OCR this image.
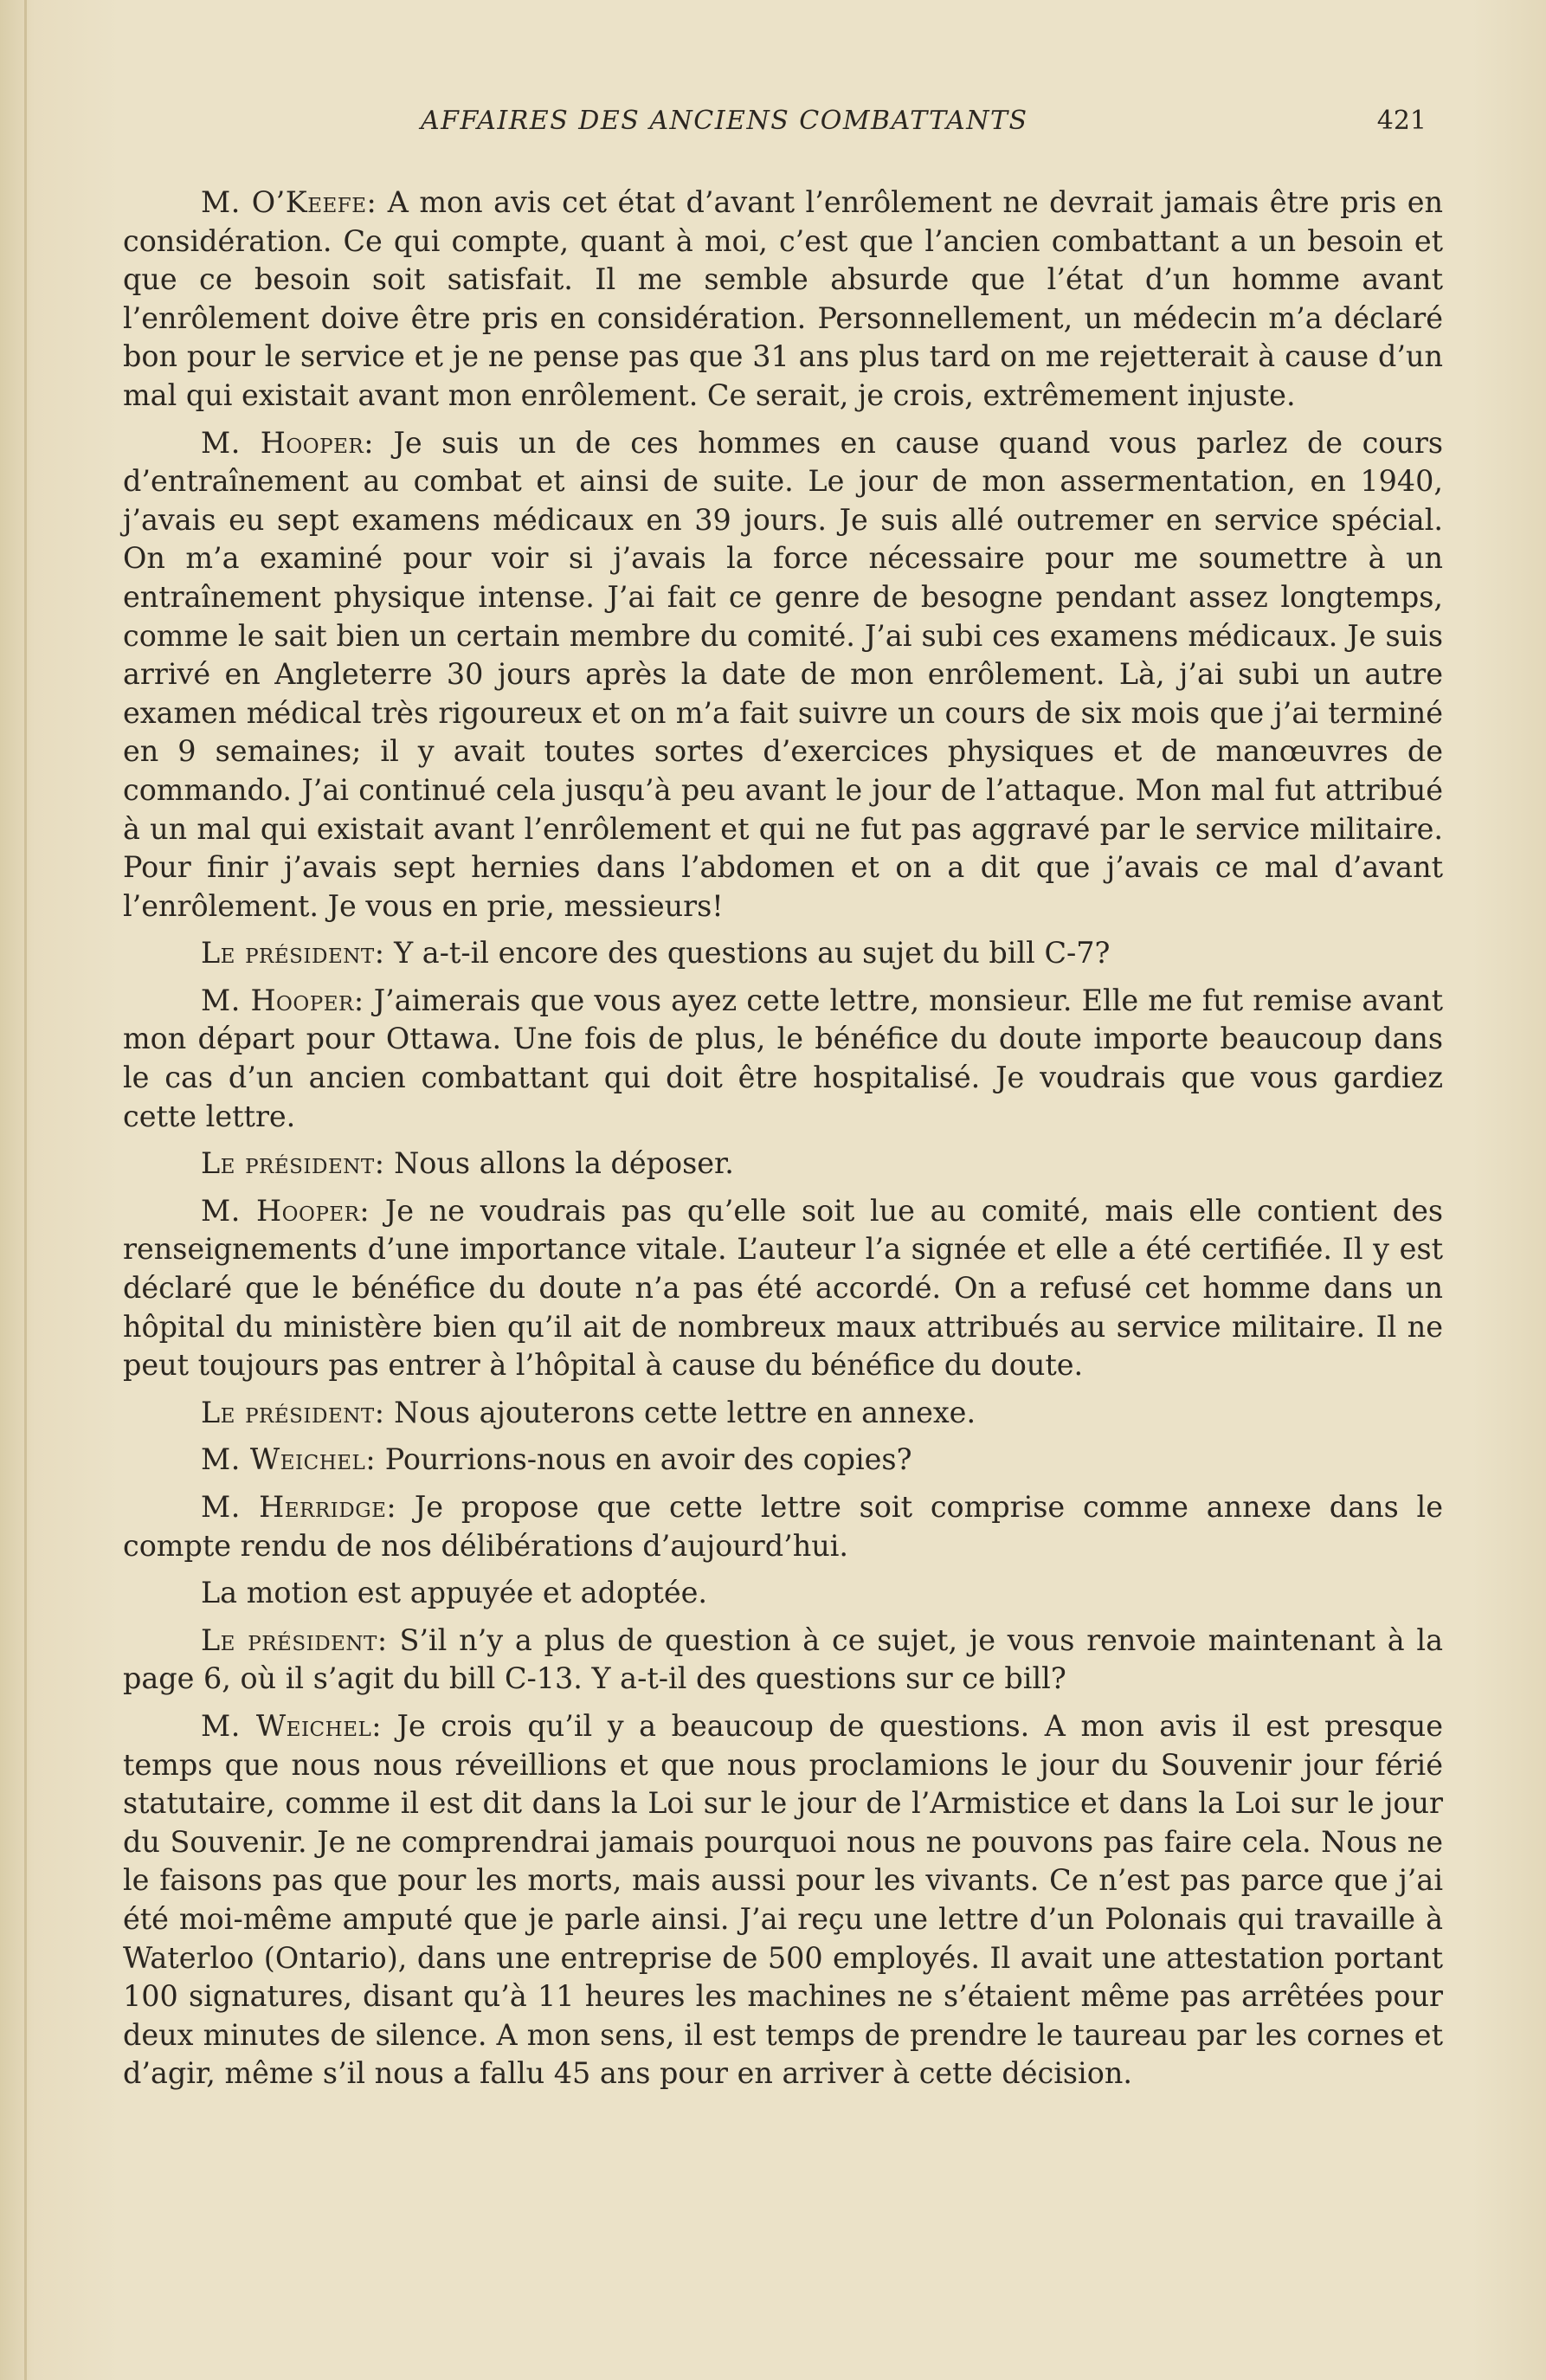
AFFAIRES DES ANCIENS COMBATTANTS	421

M. O’Keefe: A mon avis cet état d’avant l’enrôlement ne devrait jamais être pris en considération. Ce qui compte, quant à moi, c’est que l’ancien combattant a un besoin et que ce besoin soit satisfait. Il me semble absurde que l’état d’un homme avant l’enrôlement doive être pris en considération. Personnellement, un médecin m’a déclaré bon pour le service et je ne pense pas que 31 ans plus tard on me rejetterait à cause d’un mal qui existait avant mon enrôlement. Ce serait, je crois, extrêmement injuste.

M. Hooper: Je suis un de ces hommes en cause quand vous parlez de cours d’entraînement au combat et ainsi de suite. Le jour de mon assermentation, en 1940, j’avais eu sept examens médicaux en 39 jours. Je suis allé outremer en service spécial. On m’a examiné pour voir si j’avais la force nécessaire pour me soumettre à un entraînement physique intense. J’ai fait ce genre de besogne pendant assez longtemps, comme le sait bien un certain membre du comité. J’ai subi ces examens médicaux. Je suis arrivé en Angleterre 30 jours après la date de mon enrôlement. Là, j’ai subi un autre examen médical très rigoureux et on m’a fait suivre un cours de six mois que j’ai terminé en 9 semaines; il y avait toutes sortes d’exercices physiques et de manœuvres de commando. J’ai continué cela jusqu’à peu avant le jour de l’attaque. Mon mal fut attribué à un mal qui existait avant l’enrôlement et qui ne fut pas aggravé par le service militaire. Pour finir j’avais sept hernies dans l’abdomen et on a dit que j’avais ce mal d’avant l’enrôlement. Je vous en prie, messieurs!

Le président: Y a-t-il encore des questions au sujet du bill C-7?

M. Hooper: J’aimerais que vous ayez cette lettre, monsieur. Elle me fut remise avant mon départ pour Ottawa. Une fois de plus, le bénéfice du doute importe beaucoup dans le cas d’un ancien combattant qui doit être hospitalisé. Je voudrais que vous gardiez cette lettre.

Le président: Nous allons la déposer.

M. Hooper: Je ne voudrais pas qu’elle soit lue au comité, mais elle contient des renseignements d’une importance vitale. L’auteur l’a signée et elle a été certifiée. Il y est déclaré que le bénéfice du doute n’a pas été accordé. On a refusé cet homme dans un hôpital du ministère bien qu’il ait de nombreux maux attribués au service militaire. Il ne peut toujours pas entrer à l’hôpital à cause du bénéfice du doute.

Le président: Nous ajouterons cette lettre en annexe.

M. Weichel: Pourrions-nous en avoir des copies?

M. Herridge: Je propose que cette lettre soit comprise comme annexe dans le compte rendu de nos délibérations d’aujourd’hui.

La motion est appuyée et adoptée.

Le président: S’il n’y a plus de question à ce sujet, je vous renvoie maintenant à la page 6, où il s’agit du bill C-13. Y a-t-il des questions sur ce bill?

M. Weichel: Je crois qu’il y a beaucoup de questions. A mon avis il est presque temps que nous nous réveillions et que nous proclamions le jour du Souvenir jour férié statutaire, comme il est dit dans la Loi sur le jour de l’Armistice et dans la Loi sur le jour du Souvenir. Je ne comprendrai jamais pourquoi nous ne pouvons pas faire cela. Nous ne le faisons pas que pour les morts, mais aussi pour les vivants. Ce n’est pas parce que j’ai été moi-même amputé que je parle ainsi. J’ai reçu une lettre d’un Polonais qui travaille à Waterloo (Ontario), dans une entreprise de 500 employés. Il avait une attestation portant 100 signatures, disant qu’à 11 heures les machines ne s’étaient même pas arrêtées pour deux minutes de silence. A mon sens, il est temps de prendre le taureau par les cornes et d’agir, même s’il nous a fallu 45 ans pour en arriver à cette décision.
